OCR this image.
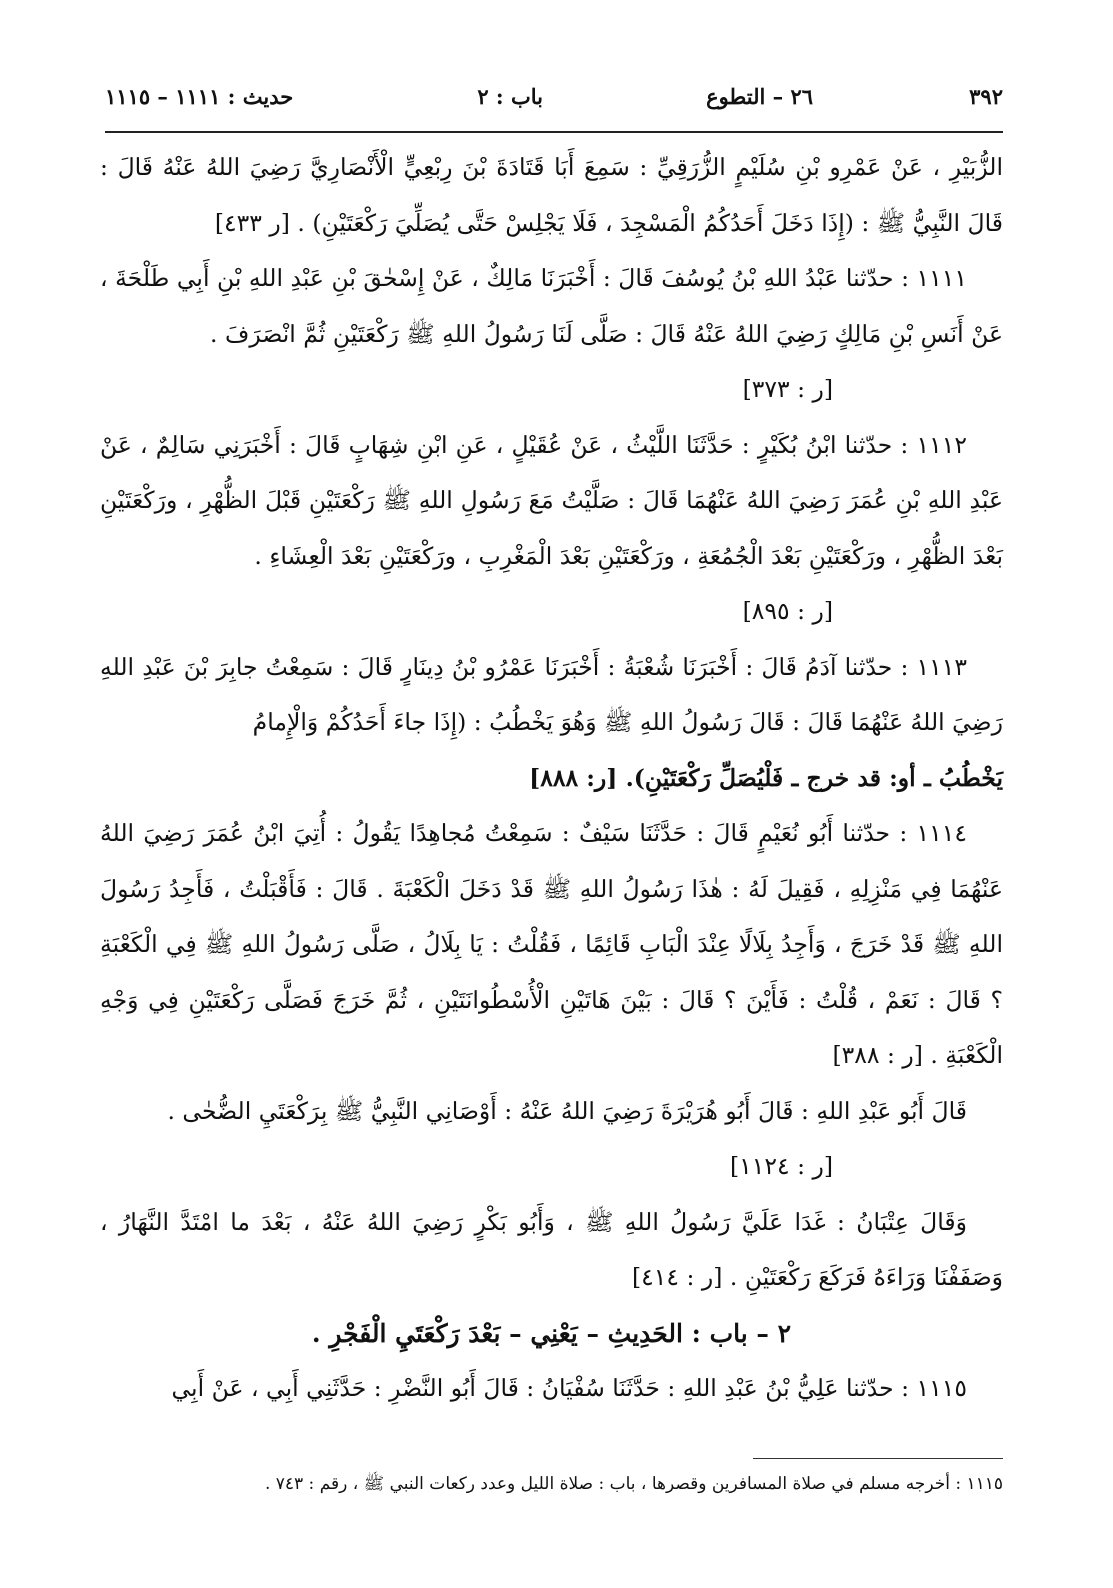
٣٩٢
٢٦ – التطوع
باب : ٢
حديث : ١١١١ – ١١١٥

الزُّبَيْرِ ، عَنْ عَمْرِو بْنِ سُلَيْمٍ الزُّرَقِيِّ : سَمِعَ أَبَا قَتَادَةَ بْنَ رِبْعِيٍّ الْأَنْصَارِيَّ رَضِيَ اللهُ عَنْهُ قَالَ : قَالَ النَّبِيُّ ﷺ : (إِذَا دَخَلَ أَحَدُكُمُ الْمَسْجِدَ ، فَلَا يَجْلِسْ حَتَّى يُصَلِّيَ رَكْعَتَيْنِ) . [ر ٤٣٣]

١١١١ : حدّثنا عَبْدُ اللهِ بْنُ يُوسُفَ قَالَ : أَخْبَرَنَا مَالِكٌ ، عَنْ إِسْحٰقَ بْنِ عَبْدِ اللهِ بْنِ أَبِي طَلْحَةَ ، عَنْ أَنَسِ بْنِ مَالِكٍ رَضِيَ اللهُ عَنْهُ قَالَ : صَلَّى لَنَا رَسُولُ اللهِ ﷺ رَكْعَتَيْنِ ثُمَّ انْصَرَفَ .

[ر : ٣٧٣]

١١١٢ : حدّثنا ابْنُ بُكَيْرٍ : حَدَّثَنَا اللَّيْثُ ، عَنْ عُقَيْلٍ ، عَنِ ابْنِ شِهَابٍ قَالَ : أَخْبَرَنِي سَالِمٌ ، عَنْ عَبْدِ اللهِ بْنِ عُمَرَ رَضِيَ اللهُ عَنْهُمَا قَالَ : صَلَّيْتُ مَعَ رَسُولِ اللهِ ﷺ رَكْعَتَيْنِ قَبْلَ الظُّهْرِ ، ورَكْعَتَيْنِ بَعْدَ الظُّهْرِ ، ورَكْعَتَيْنِ بَعْدَ الْجُمُعَةِ ، ورَكْعَتَيْنِ بَعْدَ الْمَغْرِبِ ، ورَكْعَتَيْنِ بَعْدَ الْعِشَاءِ .

[ر : ٨٩٥]

١١١٣ : حدّثنا آدَمُ قَالَ : أَخْبَرَنَا شُعْبَةُ : أَخْبَرَنَا عَمْرُو بْنُ دِينَارٍ قَالَ : سَمِعْتُ جابِرَ بْنَ عَبْدِ اللهِ رَضِيَ اللهُ عَنْهُمَا قَالَ : قَالَ رَسُولُ اللهِ ﷺ وَهُوَ يَخْطُبُ : (إِذَا جاءَ أَحَدُكُمْ وَالْإِمامُ

يَخْطُبُ ـ أو: قد خرج ـ فَلْيُصَلِّ رَكْعَتَيْنِ). [ر: ٨٨٨]

١١١٤ : حدّثنا أَبُو نُعَيْمٍ قَالَ : حَدَّثَنَا سَيْفٌ : سَمِعْتُ مُجاهِدًا يَقُولُ : أُتِيَ ابْنُ عُمَرَ رَضِيَ اللهُ عَنْهُمَا فِي مَنْزِلِهِ ، فَقِيلَ لَهُ : هٰذَا رَسُولُ اللهِ ﷺ قَدْ دَخَلَ الْكَعْبَةَ . قَالَ : فَأَقْبَلْتُ ، فَأَجِدُ رَسُولَ اللهِ ﷺ قَدْ خَرَجَ ، وَأَجِدُ بِلَالًا عِنْدَ الْبَابِ قَائِمًا ، فَقُلْتُ : يَا بِلَالُ ، صَلَّى رَسُولُ اللهِ ﷺ فِي الْكَعْبَةِ ؟ قَالَ : نَعَمْ ، قُلْتُ : فَأَيْنَ ؟ قَالَ : بَيْنَ هَاتَيْنِ الْأُسْطُوانَتَيْنِ ، ثُمَّ خَرَجَ فَصَلَّى رَكْعَتَيْنِ فِي وَجْهِ الْكَعْبَةِ . [ر : ٣٨٨]

قَالَ أَبُو عَبْدِ اللهِ : قَالَ أَبُو هُرَيْرَةَ رَضِيَ اللهُ عَنْهُ : أَوْصَانِي النَّبِيُّ ﷺ بِرَكْعَتَيِ الضُّحٰى .

[ر : ١١٢٤]

وَقَالَ عِتْبَانُ : غَدَا عَلَيَّ رَسُولُ اللهِ ﷺ ، وَأَبُو بَكْرٍ رَضِيَ اللهُ عَنْهُ ، بَعْدَ ما امْتَدَّ النَّهَارُ ، وَصَفَفْنَا وَرَاءَهُ فَرَكَعَ رَكْعَتَيْنِ . [ر : ٤١٤]

٢ – باب : الحَدِيثِ – يَعْنِي – بَعْدَ رَكْعَتَيِ الْفَجْرِ .

١١١٥ : حدّثنا عَلِيُّ بْنُ عَبْدِ اللهِ : حَدَّثَنَا سُفْيَانُ : قَالَ أَبُو النَّضْرِ : حَدَّثَنِي أَبِي ، عَنْ أَبِي

١١١٥ : أخرجه مسلم في صلاة المسافرين وقصرها ، باب : صلاة الليل وعدد ركعات النبي ﷺ ، رقم : ٧٤٣ .
